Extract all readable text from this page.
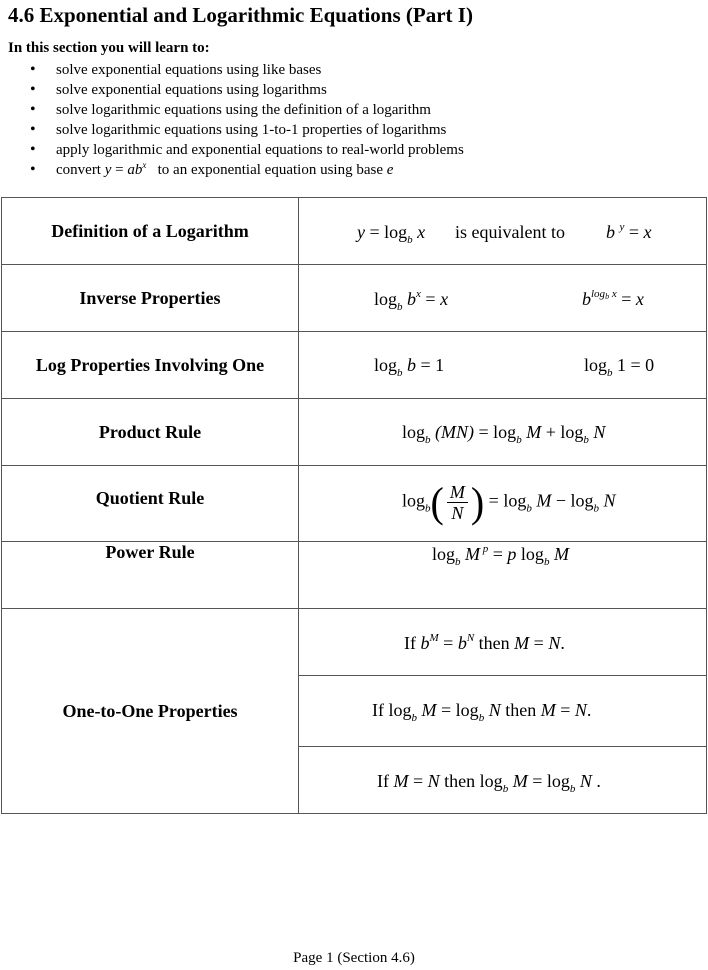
4.6 Exponential and Logarithmic Equations (Part I)
In this section you will learn to:
• solve exponential equations using like bases
• solve exponential equations using logarithms
• solve logarithmic equations using the definition of a logarithm
• solve logarithmic equations using 1-to-1 properties of logarithms
• apply logarithmic and exponential equations to real-world problems
• convert $y = ab^x$ to an exponential equation using base e
Definition of a Logarithm	$y = \log_b x$ is equivalent to b $^y$ = x

Inverse Properties	$\log_b b^x = x$ $b^{logb x} = x$

Log Properties Involving One	$\log_b b = 1$ $\log_b 1 = 0$

Product Rule	$\log_b (MN) = \log_b M + \log_b N$

Quotient Rule	$\log_b( \frac{M}{N}$ ) = $\log_b M - \log_b N$

Power Rule	$\log_b M$ $^p$ = p $\log_b M$

One-to-One Properties	If $b^M = b^N$ then M = N.

	If $\log_b M = \log_b N$ then M = N.

	If M = N then $\log_b M = \log_b N$ .
Page 1 (Section 4.6)
